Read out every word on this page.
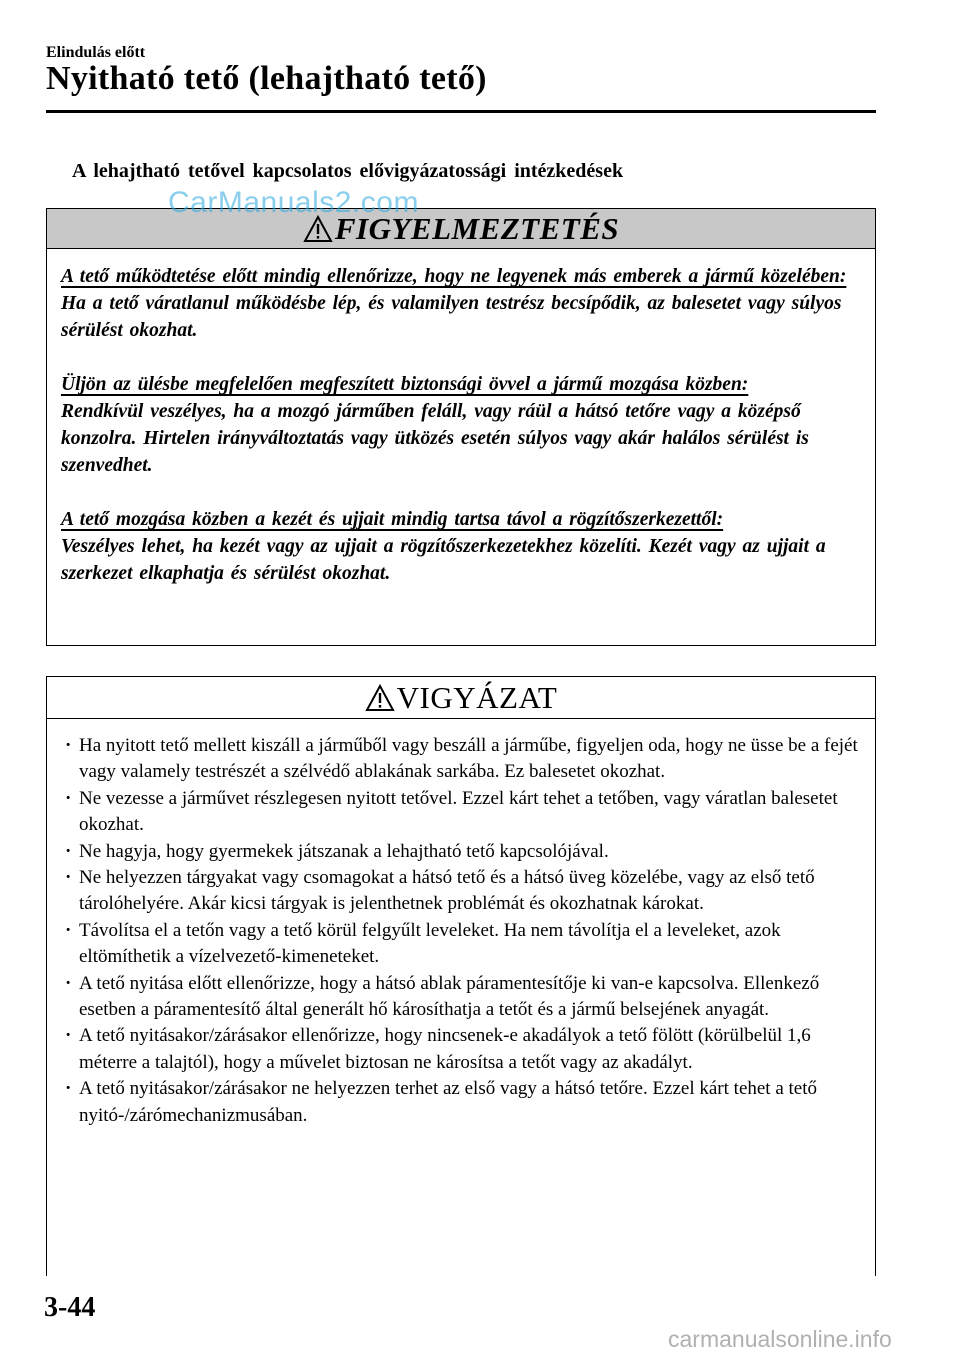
Elindulás előtt
Nyitható tető (lehajtható tető)
A lehajtható tetővel kapcsolatos elővigyázatossági intézkedések
CarManuals2.com
FIGYELMEZTETÉS
A tető működtetése előtt mindig ellenőrizze, hogy ne legyenek más emberek a jármű közelében:
Ha a tető váratlanul működésbe lép, és valamilyen testrész becsípődik, az balesetet vagy súlyos sérülést okozhat.
Üljön az ülésbe megfelelően megfeszített biztonsági övvel a jármű mozgása közben:
Rendkívül veszélyes, ha a mozgó járműben feláll, vagy ráül a hátsó tetőre vagy a középső konzolra. Hirtelen irányváltoztatás vagy ütközés esetén súlyos vagy akár halálos sérülést is szenvedhet.
A tető mozgása közben a kezét és ujjait mindig tartsa távol a rögzítőszerkezettől:
Veszélyes lehet, ha kezét vagy az ujjait a rögzítőszerkezetekhez közelíti. Kezét vagy az ujjait a szerkezet elkaphatja és sérülést okozhat.
VIGYÁZAT
· Ha nyitott tető mellett kiszáll a járműből vagy beszáll a járműbe, figyeljen oda, hogy ne üsse be a fejét vagy valamely testrészét a szélvédő ablakának sarkába. Ez balesetet okozhat.
· Ne vezesse a járművet részlegesen nyitott tetővel. Ezzel kárt tehet a tetőben, vagy váratlan balesetet okozhat.
· Ne hagyja, hogy gyermekek játszanak a lehajtható tető kapcsolójával.
· Ne helyezzen tárgyakat vagy csomagokat a hátsó tető és a hátsó üveg közelébe, vagy az első tető tárolóhelyére. Akár kicsi tárgyak is jelenthetnek problémát és okozhatnak károkat.
· Távolítsa el a tetőn vagy a tető körül felgyűlt leveleket. Ha nem távolítja el a leveleket, azok eltömíthetik a vízelvezető-kimeneteket.
· A tető nyitása előtt ellenőrizze, hogy a hátsó ablak páramentesítője ki van-e kapcsolva. Ellenkező esetben a páramentesítő által generált hő károsíthatja a tetőt és a jármű belsejének anyagát.
· A tető nyitásakor/zárásakor ellenőrizze, hogy nincsenek-e akadályok a tető fölött (körülbelül 1,6 méterre a talajtól), hogy a művelet biztosan ne károsítsa a tetőt vagy az akadályt.
· A tető nyitásakor/zárásakor ne helyezzen terhet az első vagy a hátsó tetőre. Ezzel kárt tehet a tető nyitó-/zárómechanizmusában.
3-44
carmanualsonline.info
